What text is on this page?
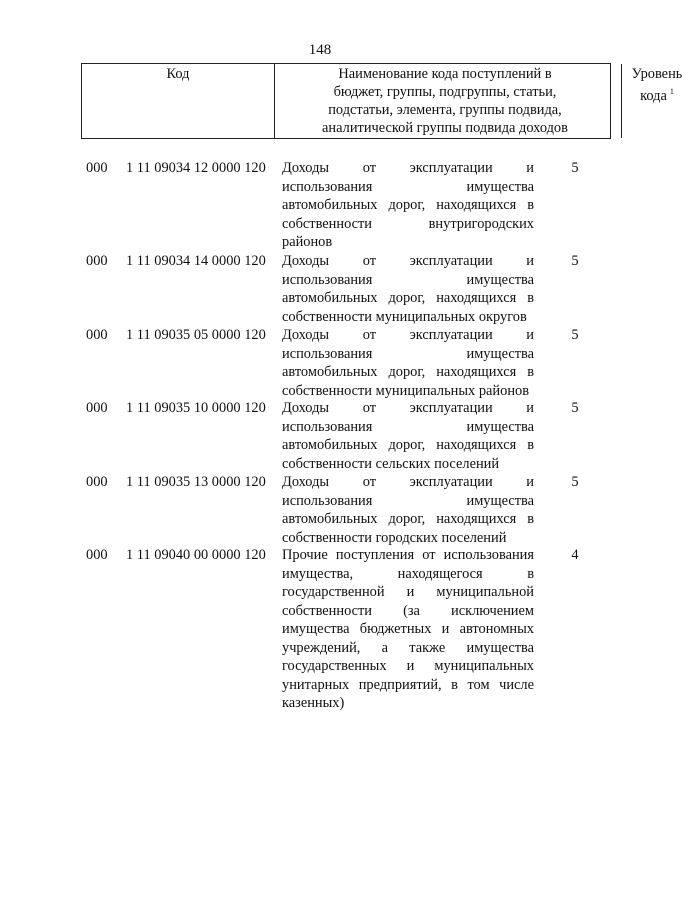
148
Код	Наименование кода поступлений в
бюджет, группы, подгруппы, статьи,
подстатьи, элемента, группы подвида,
аналитической группы подвида доходов
Уровень
кода $^1$
000 1 11 09034 12 0000 120 Доходы от эксплуатации и
использования имущества
автомобильных дорог, находящихся в
собственности внутригородских
районов
5
000 1 11 09034 14 0000 120 Доходы от эксплуатации и
использования имущества
автомобильных дорог, находящихся в
собственности муниципальных округов
5
000 1 11 09035 05 0000 120 Доходы от эксплуатации и
использования имущества
автомобильных дорог, находящихся в
собственности муниципальных районов
5
000 1 11 09035 10 0000 120 Доходы от эксплуатации и
использования имущества
автомобильных дорог, находящихся в
собственности сельских поселений
5
000 1 11 09035 13 0000 120 Доходы от эксплуатации и
использования имущества
автомобильных дорог, находящихся в
собственности городских поселений
5
000 1 11 09040 00 0000 120 Прочие поступления от использования
имущества, находящегося в
государственной и муниципальной
собственности (за исключением
имущества бюджетных и автономных
учреждений, а также имущества
государственных и муниципальных
унитарных предприятий, в том числе
казенных)
4
